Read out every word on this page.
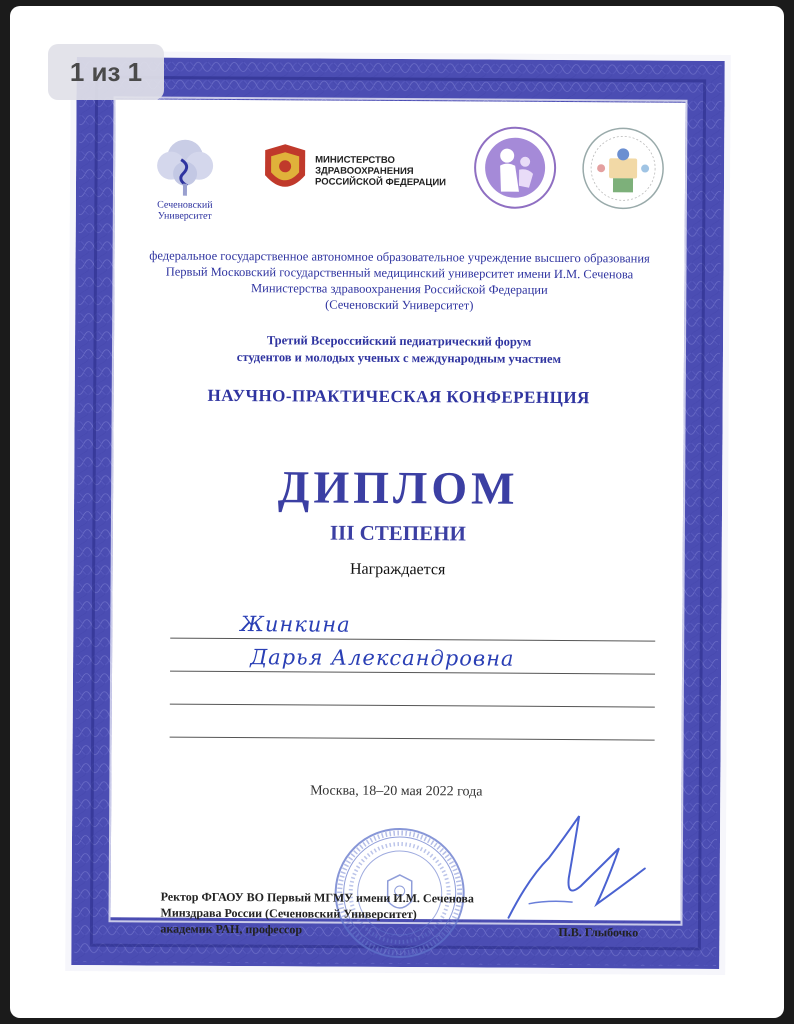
Сеченовский
Университет
МИНИСТЕРСТВО
ЗДРАВООХРАНЕНИЯ
РОССИЙСКОЙ ФЕДЕРАЦИИ
федеральное государственное автономное образовательное учреждение высшего образования
Первый Московский государственный медицинский университет имени И.М. Сеченова
Министерства здравоохранения Российской Федерации
(Сеченовский Университет)
Третий Всероссийский педиатрический форум
студентов и молодых ученых с международным участием
НАУЧНО-ПРАКТИЧЕСКАЯ КОНФЕРЕНЦИЯ
ДИПЛОМ
III СТЕПЕНИ
Награждается
Жинкина
Дарья Александровна
Москва, 18–20 мая 2022 года
Ректор ФГАОУ ВО Первый МГМУ имени И.М. Сеченова
Минздрава России (Сеченовский Университет)
академик РАН, профессор	П.В. Глыбочко
1 из 1
